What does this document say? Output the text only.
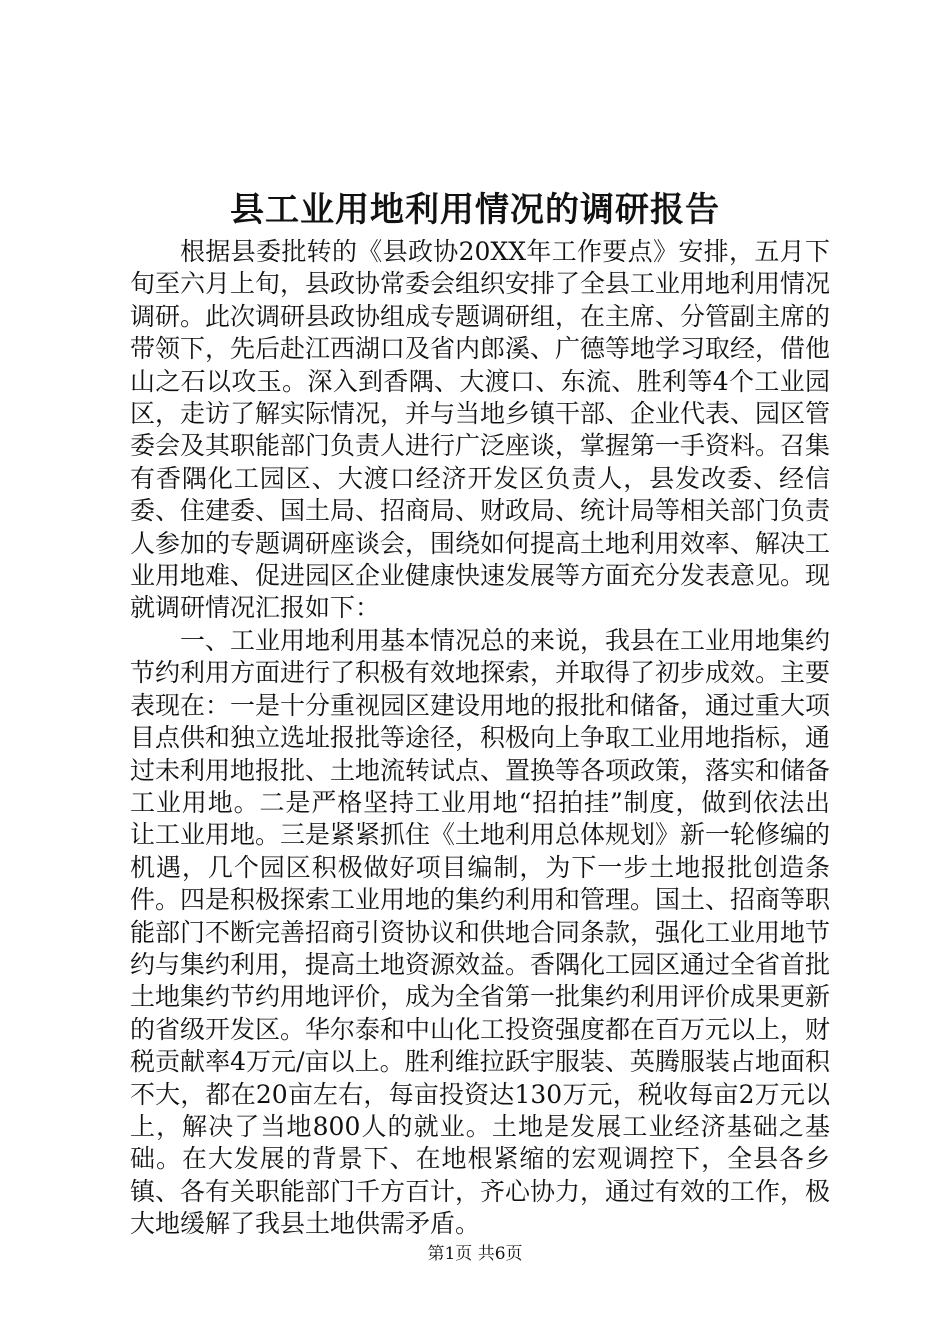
县工业用地利用情况的调研报告

根据县委批转的《县政协20XX年工作要点》安排，五月下旬至六月上旬，县政协常委会组织安排了全县工业用地利用情况调研。此次调研县政协组成专题调研组，在主席、分管副主席的带领下，先后赴江西湖口及省内郎溪、广德等地学习取经，借他山之石以攻玉。深入到香隅、大渡口、东流、胜利等4个工业园区，走访了解实际情况，并与当地乡镇干部、企业代表、园区管委会及其职能部门负责人进行广泛座谈，掌握第一手资料。召集有香隅化工园区、大渡口经济开发区负责人，县发改委、经信委、住建委、国土局、招商局、财政局、统计局等相关部门负责人参加的专题调研座谈会，围绕如何提高土地利用效率、解决工业用地难、促进园区企业健康快速发展等方面充分发表意见。现就调研情况汇报如下：

一、工业用地利用基本情况总的来说，我县在工业用地集约节约利用方面进行了积极有效地探索，并取得了初步成效。主要表现在：一是十分重视园区建设用地的报批和储备，通过重大项目点供和独立选址报批等途径，积极向上争取工业用地指标，通过未利用地报批、土地流转试点、置换等各项政策，落实和储备工业用地。二是严格坚持工业用地“招拍挂”制度，做到依法出让工业用地。三是紧紧抓住《土地利用总体规划》新一轮修编的机遇，几个园区积极做好项目编制，为下一步土地报批创造条件。四是积极探索工业用地的集约利用和管理。国土、招商等职能部门不断完善招商引资协议和供地合同条款，强化工业用地节约与集约利用，提高土地资源效益。香隅化工园区通过全省首批土地集约节约用地评价，成为全省第一批集约利用评价成果更新的省级开发区。华尔泰和中山化工投资强度都在百万元以上，财税贡献率4万元/亩以上。胜利维拉跃宇服装、英腾服装占地面积不大，都在20亩左右，每亩投资达130万元，税收每亩2万元以上，解决了当地800人的就业。土地是发展工业经济基础之基础。在大发展的背景下、在地根紧缩的宏观调控下，全县各乡镇、各有关职能部门千方百计，齐心协力，通过有效的工作，极大地缓解了我县土地供需矛盾。

第1页 共6页
